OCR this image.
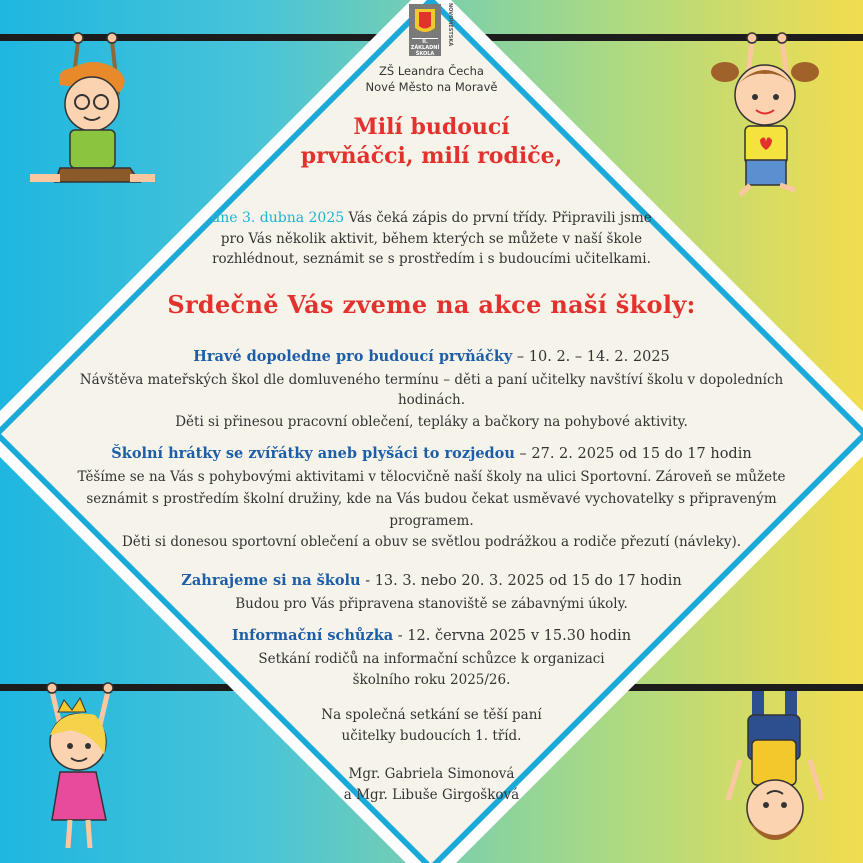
II. ZÁKLADNÍ ŠKOLA
NOVOMĚSTSKÁ
ZŠ Leandra Čecha
Nové Město na Moravě
Milí budoucí
prvňáčci, milí rodiče,
dne 3. dubna 2025 Vás čeká zápis do první třídy. Připravili jsme
pro Vás několik aktivit, během kterých se můžete v naší škole
rozhlédnout, seznámit se s prostředím i s budoucími učitelkami.
Srdečně Vás zveme na akce naší školy:
Hravé dopoledne pro budoucí prvňáčky – 10. 2. – 14. 2. 2025
Návštěva mateřských škol dle domluveného termínu – děti a paní učitelky navštíví školu v dopoledních
hodinách.
Děti si přinesou pracovní oblečení, tepláky a bačkory na pohybové aktivity.
Školní hrátky se zvířátky aneb plyšáci to rozjedou – 27. 2. 2025 od 15 do 17 hodin
Těšíme se na Vás s pohybovými aktivitami v tělocvičně naší školy na ulici Sportovní. Zároveň se můžete
seznámit s prostředím školní družiny, kde na Vás budou čekat usměvavé vychovatelky s připraveným
programem.
Děti si donesou sportovní oblečení a obuv se světlou podrážkou a rodiče přezutí (návleky).
Zahrajeme si na školu - 13. 3. nebo 20. 3. 2025 od 15 do 17 hodin
Budou pro Vás připravena stanoviště se zábavnými úkoly.
Informační schůzka - 12. června 2025 v 15.30 hodin
Setkání rodičů na informační schůzce k organizaci
školního roku 2025/26.
Na společná setkání se těší paní
učitelky budoucích 1. tříd.
Mgr. Gabriela Simonová
a Mgr. Libuše Girgošková
